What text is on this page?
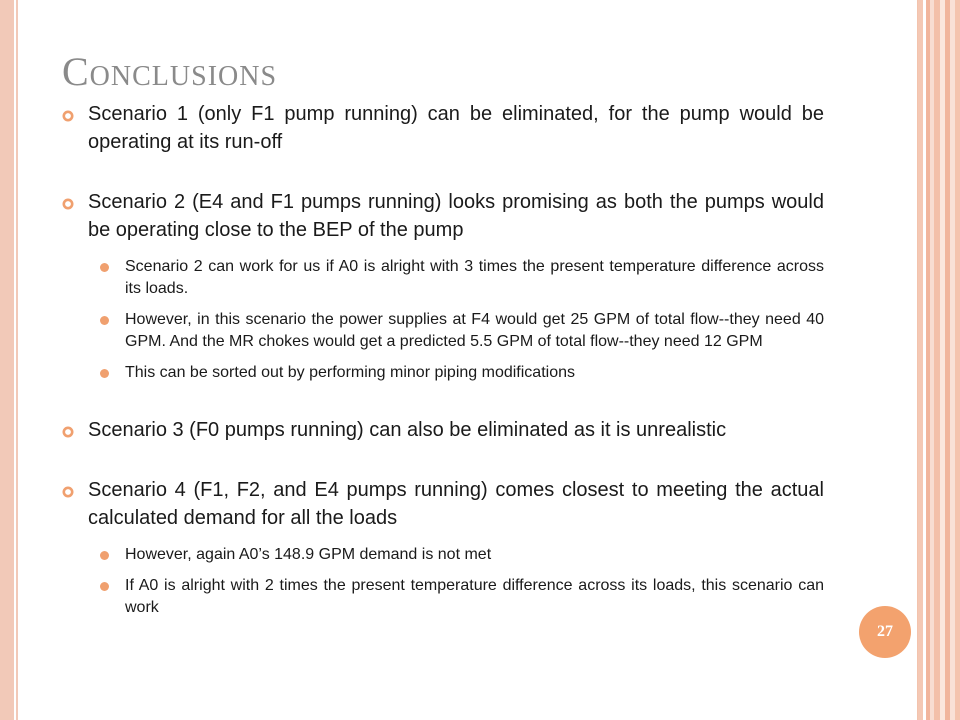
Conclusions
Scenario 1 (only F1 pump running) can be eliminated, for the pump would be operating at its run-off
Scenario 2 (E4 and F1 pumps running) looks promising as both the pumps would be operating close to the BEP of the pump
Scenario 2 can work for us if A0 is alright with 3 times the present temperature difference across its loads.
However, in this scenario the power supplies at F4 would get 25 GPM of total flow--they need 40 GPM. And the MR chokes would get a predicted 5.5 GPM of total flow--they need 12 GPM
This can be sorted out by performing minor piping modifications
Scenario 3 (F0 pumps running) can also be eliminated as it is unrealistic
Scenario 4 (F1, F2, and E4 pumps running) comes closest to meeting the actual calculated demand for all the loads
However, again A0’s 148.9 GPM demand is not met
If A0 is alright with 2 times the present temperature difference across its loads, this scenario can work
27
